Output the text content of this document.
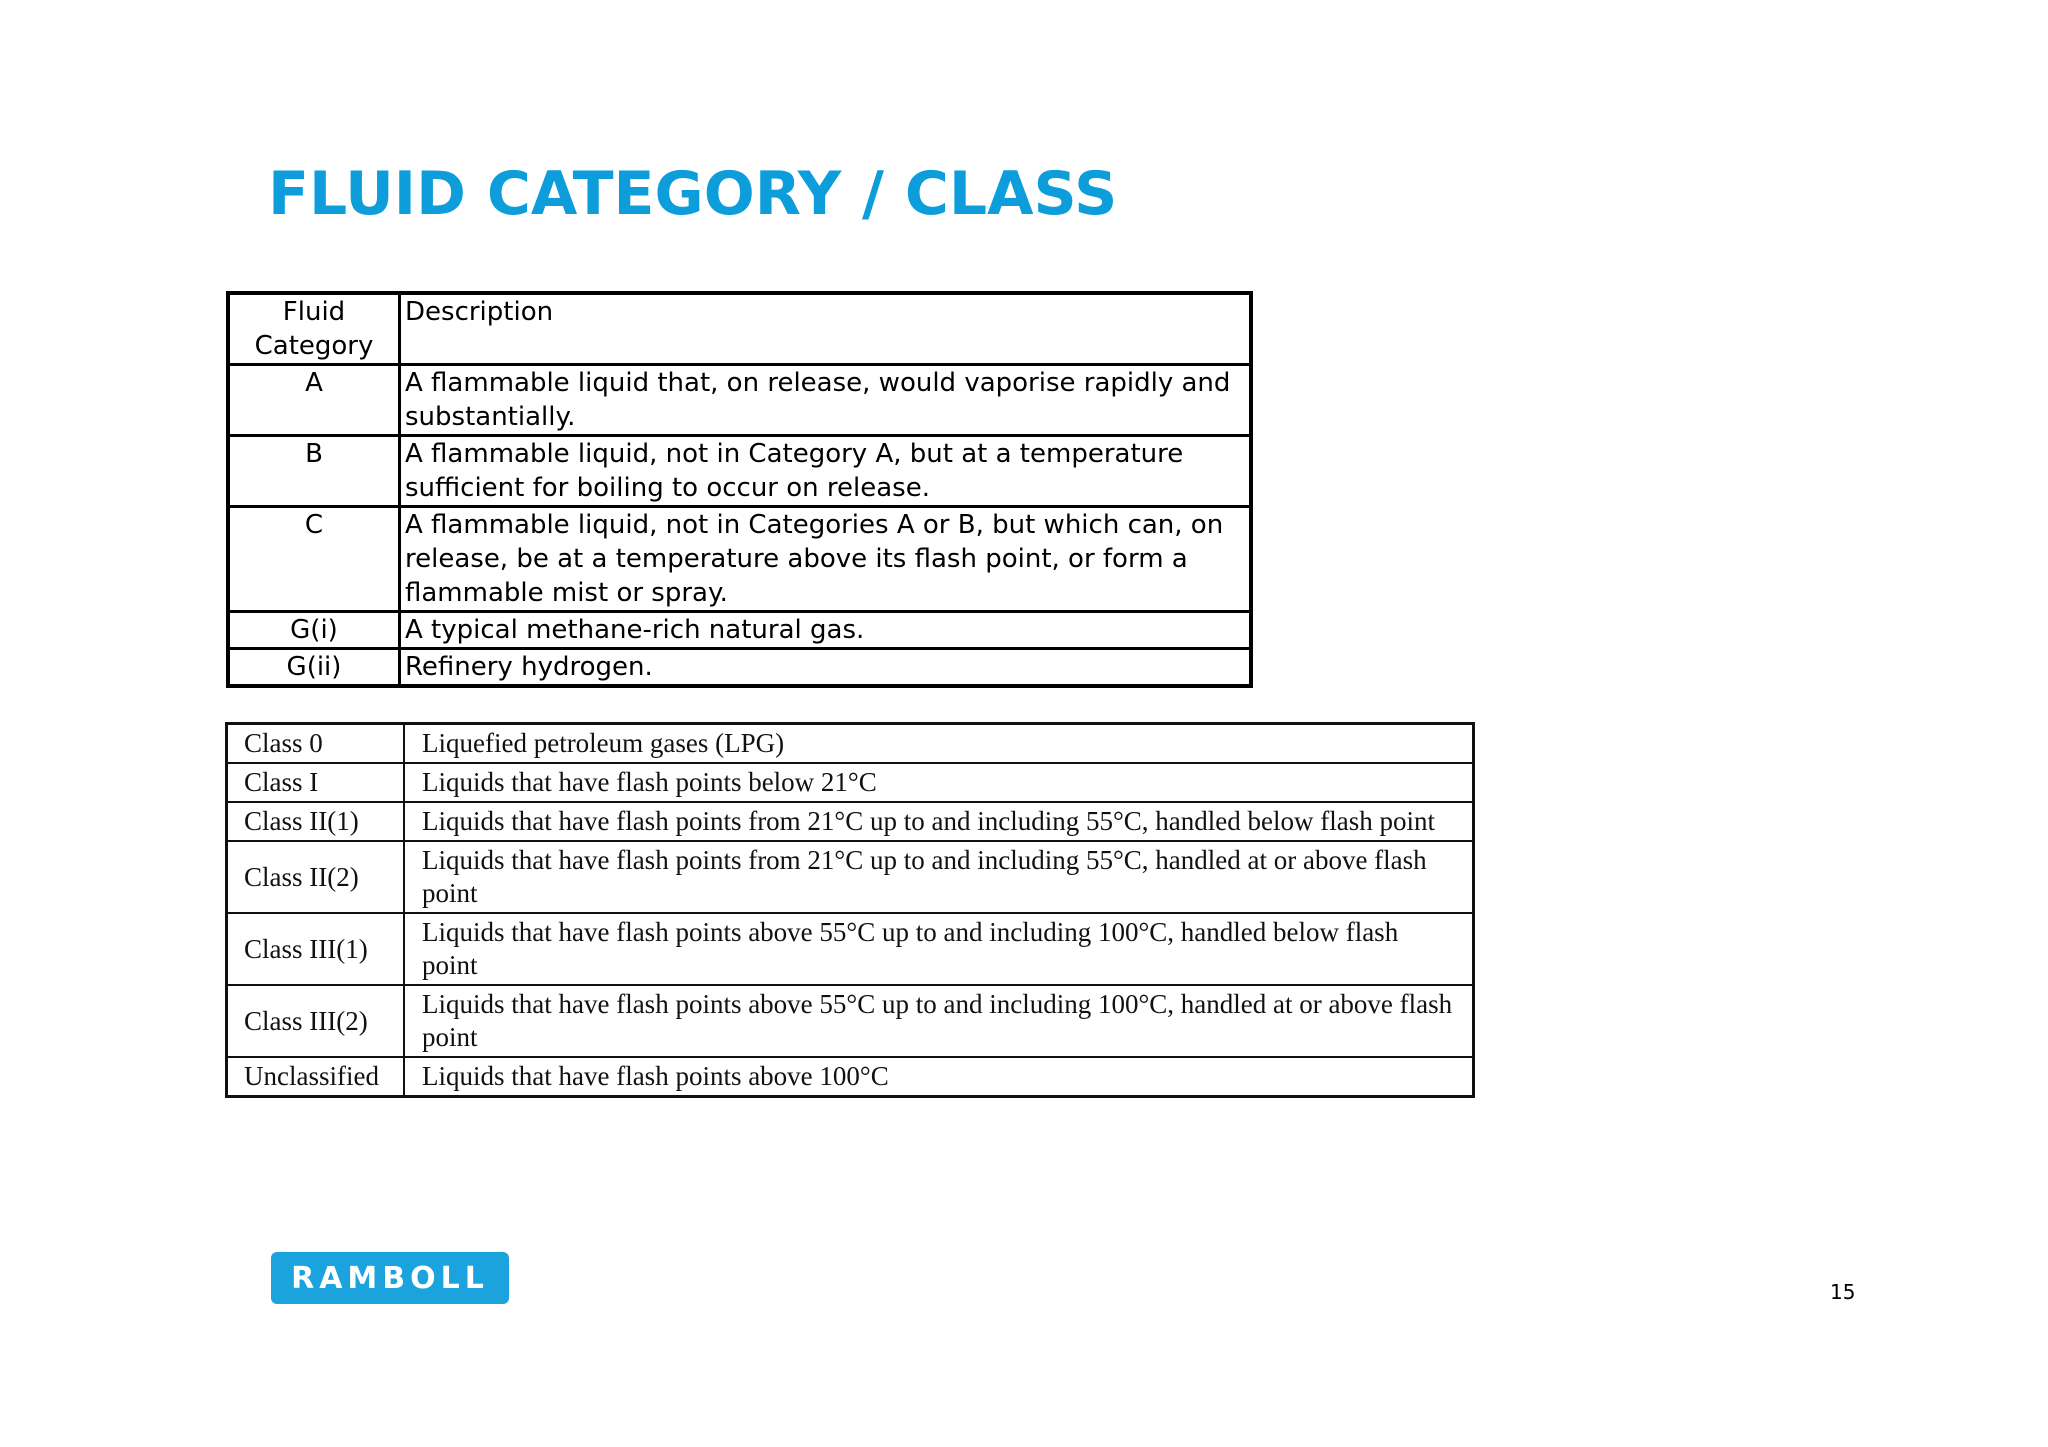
FLUID CATEGORY / CLASS
Fluid Category	Description
A	A flammable liquid that, on release, would vaporise rapidly and substantially.
B	A flammable liquid, not in Category A, but at a temperature sufficient for boiling to occur on release.
C	A flammable liquid, not in Categories A or B, but which can, on release, be at a temperature above its flash point, or form a flammable mist or spray.
G(i)	A typical methane-rich natural gas.
G(ii)	Refinery hydrogen.
Class 0	Liquefied petroleum gases (LPG)
Class I	Liquids that have flash points below 21°C
Class II(1)	Liquids that have flash points from 21°C up to and including 55°C, handled below flash point
Class II(2)	Liquids that have flash points from 21°C up to and including 55°C, handled at or above flash point
Class III(1)	Liquids that have flash points above 55°C up to and including 100°C, handled below flash point
Class III(2)	Liquids that have flash points above 55°C up to and including 100°C, handled at or above flash point
Unclassified	Liquids that have flash points above 100°C
RAMBOLL	15
